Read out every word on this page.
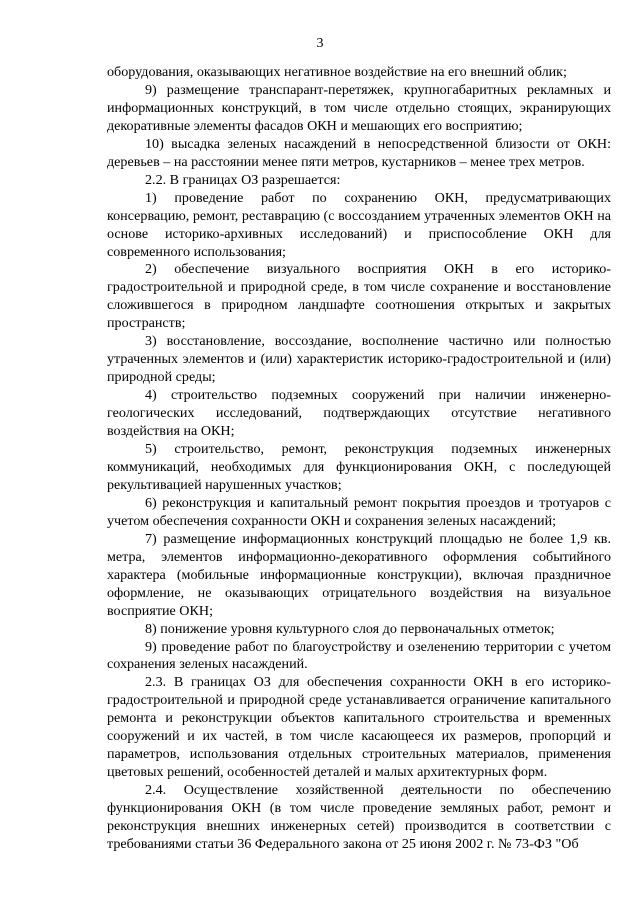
3

оборудования, оказывающих негативное воздействие на его внешний облик;

9) размещение транспарант-перетяжек, крупногабаритных рекламных и информационных конструкций, в том числе отдельно стоящих, экранирующих декоративные элементы фасадов ОКН и мешающих его восприятию;

10) высадка зеленых насаждений в непосредственной близости от ОКН: деревьев – на расстоянии менее пяти метров, кустарников – менее трех метров.

2.2. В границах ОЗ разрешается:

1) проведение работ по сохранению ОКН, предусматривающих консервацию, ремонт, реставрацию (с воссозданием утраченных элементов ОКН на основе историко-архивных исследований) и приспособление ОКН для современного использования;

2) обеспечение визуального восприятия ОКН в его историко-градостроительной и природной среде, в том числе сохранение и восстановление сложившегося в природном ландшафте соотношения открытых и закрытых пространств;

3) восстановление, воссоздание, восполнение частично или полностью утраченных элементов и (или) характеристик историко-градостроительной и (или) природной среды;

4) строительство подземных сооружений при наличии инженерно-геологических исследований, подтверждающих отсутствие негативного воздействия на ОКН;

5) строительство, ремонт, реконструкция подземных инженерных коммуникаций, необходимых для функционирования ОКН, с последующей рекультивацией нарушенных участков;

6) реконструкция и капитальный ремонт покрытия проездов и тротуаров с учетом обеспечения сохранности ОКН и сохранения зеленых насаждений;

7) размещение информационных конструкций площадью не более 1,9 кв. метра, элементов информационно-декоративного оформления событийного характера (мобильные информационные конструкции), включая праздничное оформление, не оказывающих отрицательного воздействия на визуальное восприятие ОКН;

8) понижение уровня культурного слоя до первоначальных отметок;

9) проведение работ по благоустройству и озеленению территории с учетом сохранения зеленых насаждений.

2.3. В границах ОЗ для обеспечения сохранности ОКН в его историко-градостроительной и природной среде устанавливается ограничение капитального ремонта и реконструкции объектов капитального строительства и временных сооружений и их частей, в том числе касающееся их размеров, пропорций и параметров, использования отдельных строительных материалов, применения цветовых решений, особенностей деталей и малых архитектурных форм.

2.4. Осуществление хозяйственной деятельности по обеспечению функционирования ОКН (в том числе проведение земляных работ, ремонт и реконструкция внешних инженерных сетей) производится в соответствии с требованиями статьи 36 Федерального закона от 25 июня 2002 г. № 73-ФЗ "Об
